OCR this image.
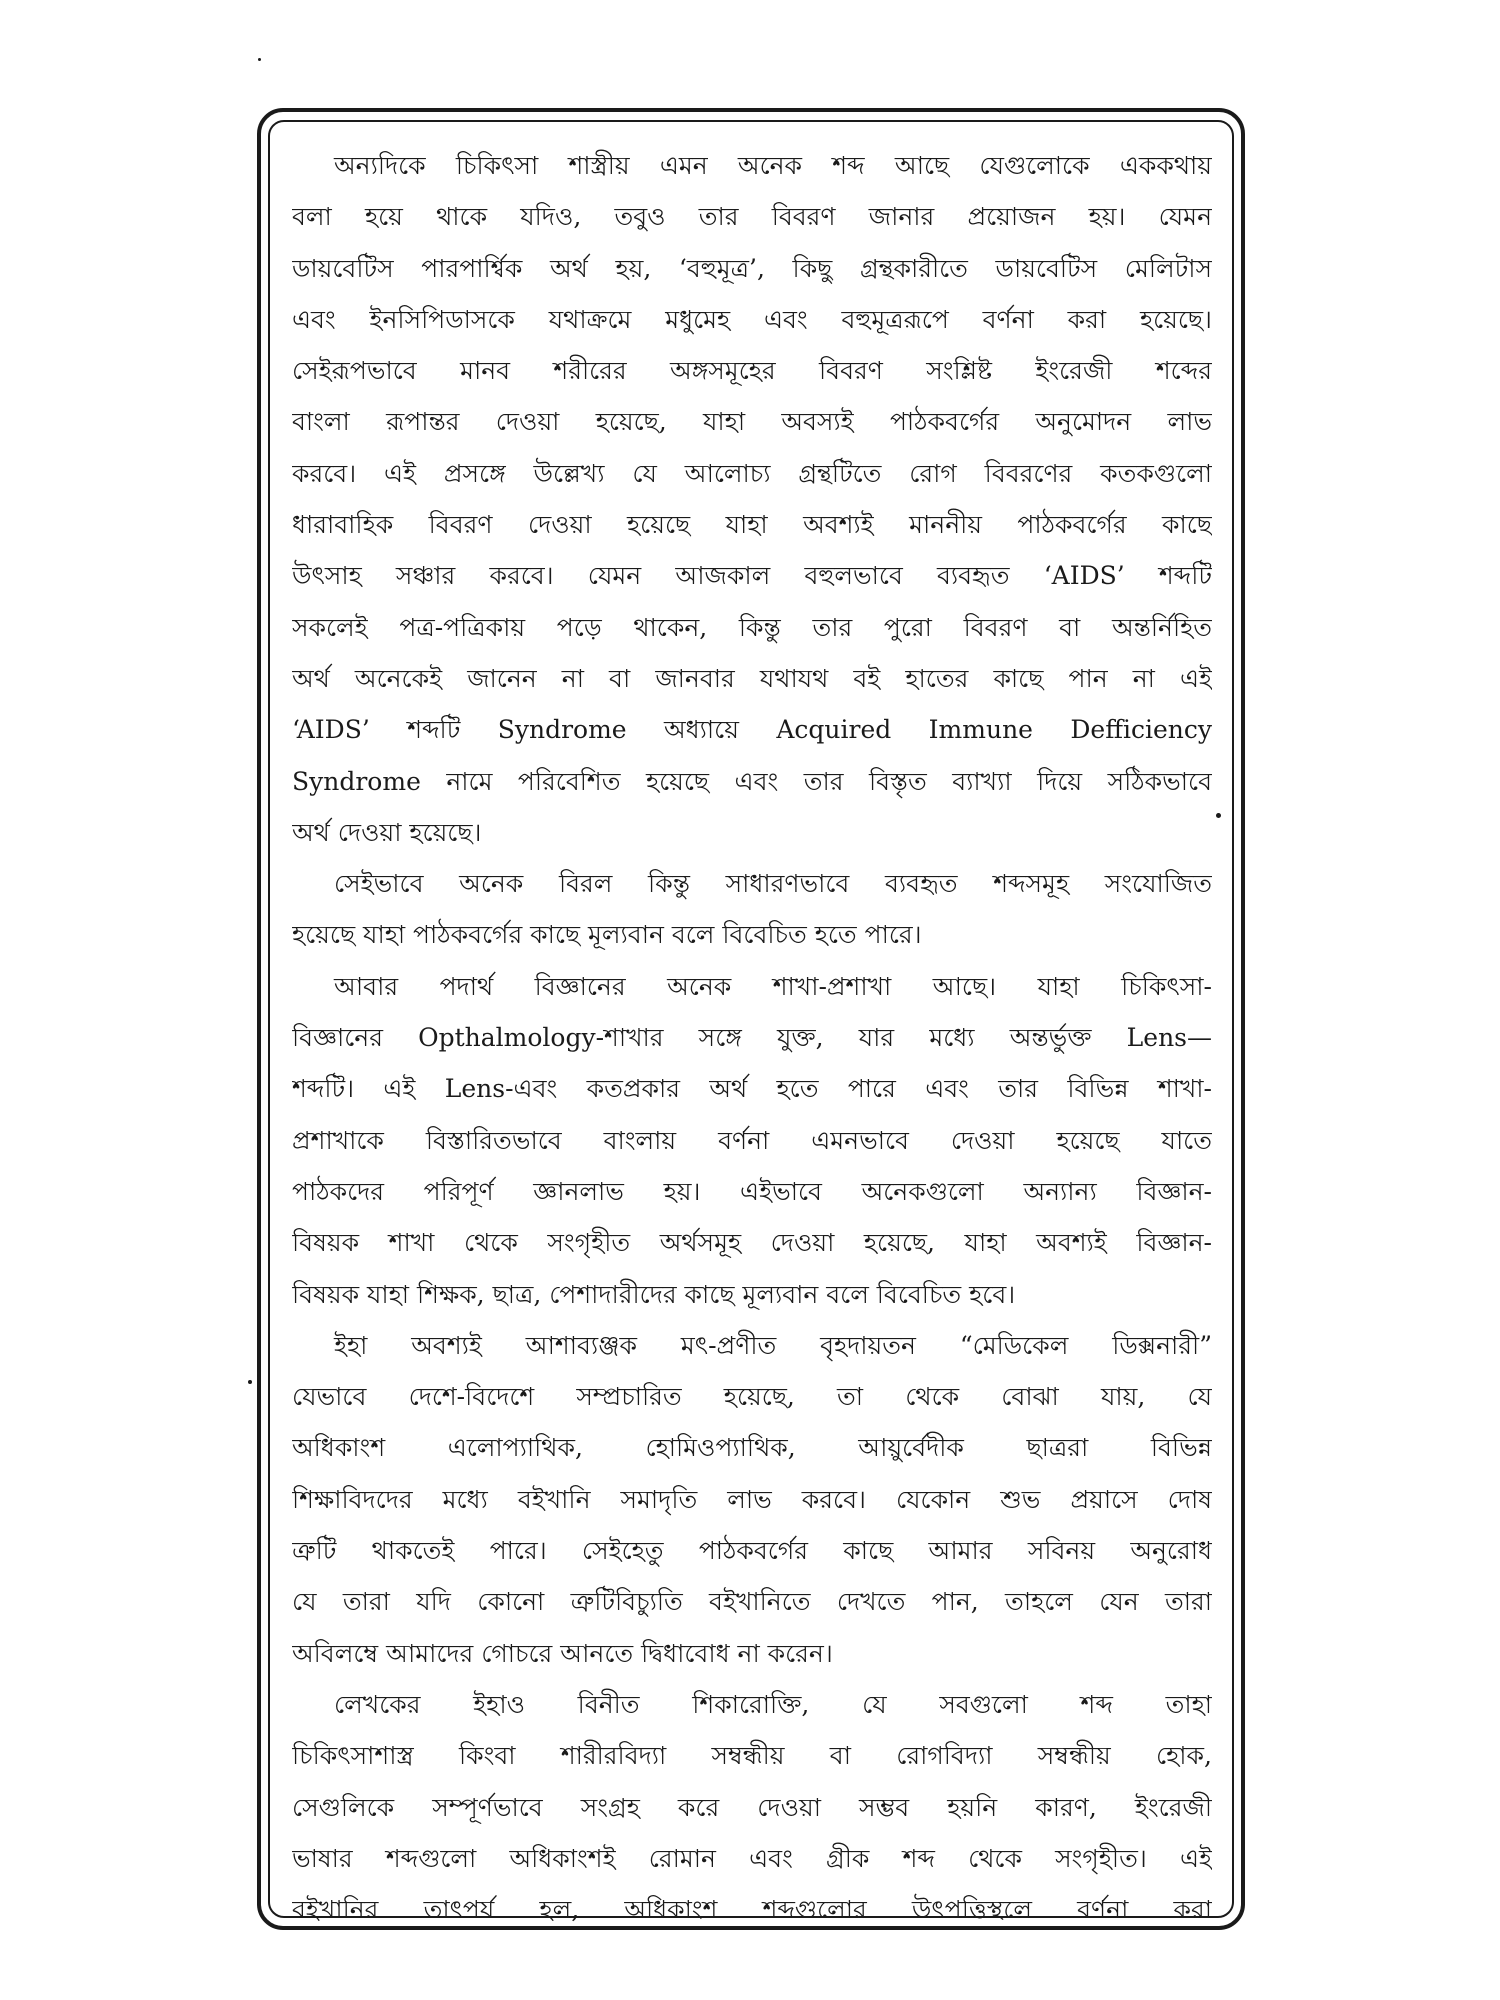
অন্যদিকে চিকিৎসা শাস্ত্রীয় এমন অনেক শব্দ আছে যেগুলোকে এককথায়
বলা হয়ে থাকে যদিও, তবুও তার বিবরণ জানার প্রয়োজন হয়। যেমন
ডায়বেটিস পারপার্শ্বিক অর্থ হয়, ‘বহুমূত্র’, কিছু গ্রন্থকারীতে ডায়বেটিস মেলিটাস
এবং ইনসিপিডাসকে যথাক্রমে মধুমেহ এবং বহুমূত্ররূপে বর্ণনা করা হয়েছে।
সেইরূপভাবে মানব শরীরের অঙ্গসমূহের বিবরণ সংশ্লিষ্ট ইংরেজী শব্দের
বাংলা রূপান্তর দেওয়া হয়েছে, যাহা অবস্যই পাঠকবর্গের অনুমোদন লাভ
করবে। এই প্রসঙ্গে উল্লেখ্য যে আলোচ্য গ্রন্থটিতে রোগ বিবরণের কতকগুলো
ধারাবাহিক বিবরণ দেওয়া হয়েছে যাহা অবশ্যই মাননীয় পাঠকবর্গের কাছে
উৎসাহ সঞ্চার করবে। যেমন আজকাল বহুলভাবে ব্যবহৃত ‘AIDS’ শব্দটি
সকলেই পত্র-পত্রিকায় পড়ে থাকেন, কিন্তু তার পুরো বিবরণ বা অন্তর্নিহিত
অর্থ অনেকেই জানেন না বা জানবার যথাযথ বই হাতের কাছে পান না এই
‘AIDS’ শব্দটি Syndrome অধ্যায়ে Acquired Immune Defficiency
Syndrome নামে পরিবেশিত হয়েছে এবং তার বিস্তৃত ব্যাখ্যা দিয়ে সঠিকভাবে
অর্থ দেওয়া হয়েছে।
সেইভাবে অনেক বিরল কিন্তু সাধারণভাবে ব্যবহৃত শব্দসমূহ সংযোজিত
হয়েছে যাহা পাঠকবর্গের কাছে মূল্যবান বলে বিবেচিত হতে পারে।
আবার পদার্থ বিজ্ঞানের অনেক শাখা-প্রশাখা আছে। যাহা চিকিৎসা-
বিজ্ঞানের Opthalmology-শাখার সঙ্গে যুক্ত, যার মধ্যে অন্তর্ভুক্ত Lens—
শব্দটি। এই Lens-এবং কতপ্রকার অর্থ হতে পারে এবং তার বিভিন্ন শাখা-
প্রশাখাকে বিস্তারিতভাবে বাংলায় বর্ণনা এমনভাবে দেওয়া হয়েছে যাতে
পাঠকদের পরিপূর্ণ জ্ঞানলাভ হয়। এইভাবে অনেকগুলো অন্যান্য বিজ্ঞান-
বিষয়ক শাখা থেকে সংগৃহীত অর্থসমূহ দেওয়া হয়েছে, যাহা অবশ্যই বিজ্ঞান-
বিষয়ক যাহা শিক্ষক, ছাত্র, পেশাদারীদের কাছে মূল্যবান বলে বিবেচিত হবে।
ইহা অবশ্যই আশাব্যঞ্জক মৎ-প্রণীত বৃহদায়তন “মেডিকেল ডিক্সনারী”
যেভাবে দেশে-বিদেশে সম্প্রচারিত হয়েছে, তা থেকে বোঝা যায়, যে
অধিকাংশ এলোপ্যাথিক, হোমিওপ্যাথিক, আয়ুর্বেদীক ছাত্ররা বিভিন্ন
শিক্ষাবিদদের মধ্যে বইখানি সমাদৃতি লাভ করবে। যেকোন শুভ প্রয়াসে দোষ
ত্রুটি থাকতেই পারে। সেইহেতু পাঠকবর্গের কাছে আমার সবিনয় অনুরোধ
যে তারা যদি কোনো ত্রুটিবিচ্যুতি বইখানিতে দেখতে পান, তাহলে যেন তারা
অবিলম্বে আমাদের গোচরে আনতে দ্বিধাবোধ না করেন।
লেখকের ইহাও বিনীত শিকারোক্তি, যে সবগুলো শব্দ তাহা
চিকিৎসাশাস্ত্র কিংবা শারীরবিদ্যা সম্বন্ধীয় বা রোগবিদ্যা সম্বন্ধীয় হোক,
সেগুলিকে সম্পূর্ণভাবে সংগ্রহ করে দেওয়া সম্ভব হয়নি কারণ, ইংরেজী
ভাষার শব্দগুলো অধিকাংশই রোমান এবং গ্রীক শব্দ থেকে সংগৃহীত। এই
বইখানির তাৎপর্য হল, অধিকাংশ শব্দগুলোর উৎপত্তিস্থলে বর্ণনা করা
